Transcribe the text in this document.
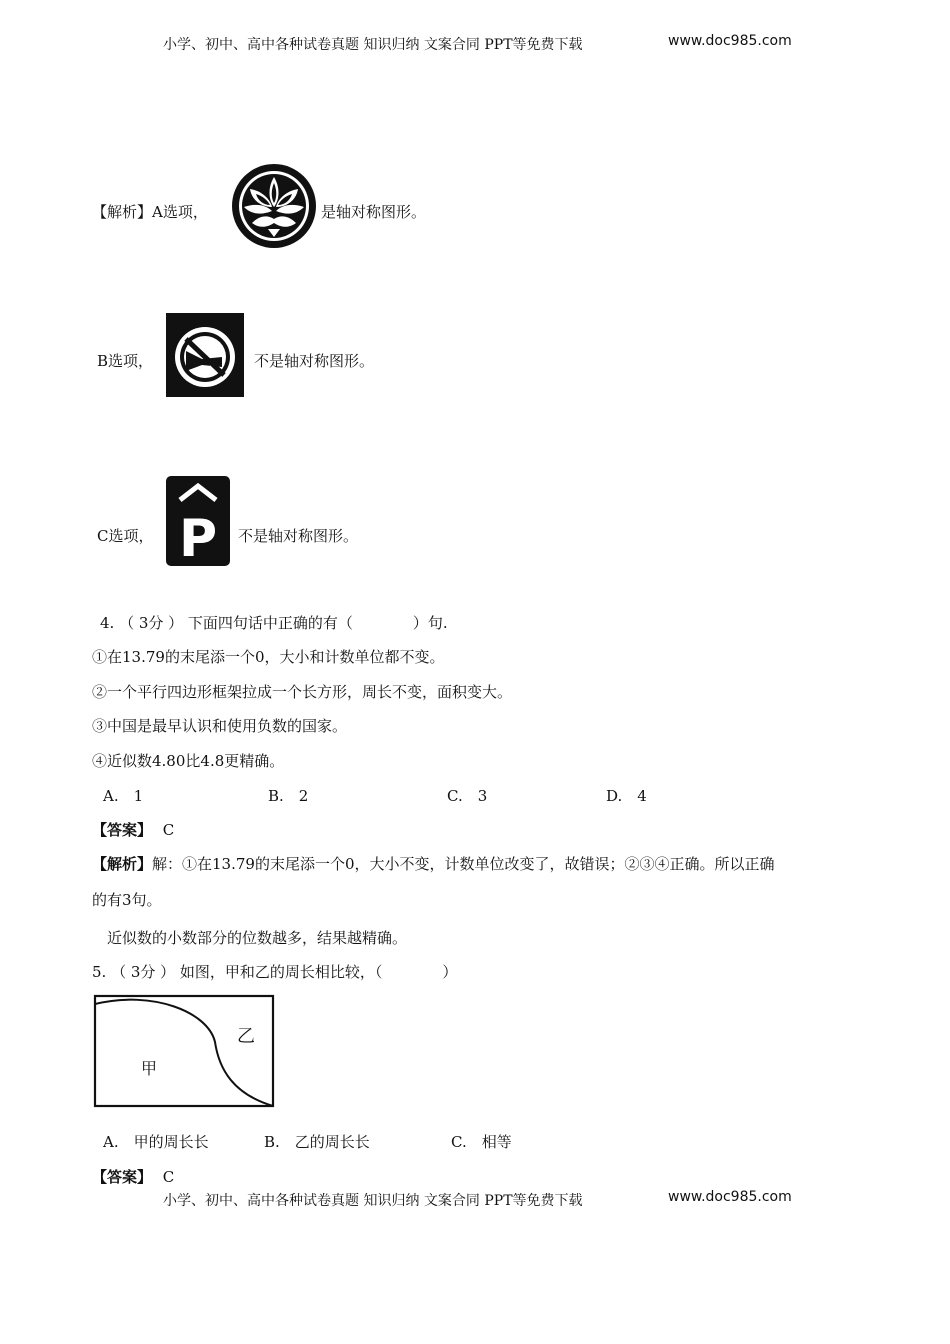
小学、初中、高中各种试卷真题 知识归纳 文案合同 PPT等免费下载	www.doc985.com
【解析】A选项，	是轴对称图形。
B选项，	不是轴对称图形。
C选项， P 不是轴对称图形。
4. （ 3分 ） 下面四句话中正确的有（　　　　）句.
①在13.79的末尾添一个0，大小和计数单位都不变。
②一个平行四边形框架拉成一个长方形，周长不变，面积变大。
③中国是最早认识和使用负数的国家。
④近似数4.80比4.8更精确。
A.　1	B.　2	C.　3	D.　4
【答案】 C
【解析】解：①在13.79的末尾添一个0，大小不变，计数单位改变了，故错误；②③④正确。所以正确
的有3句。
近似数的小数部分的位数越多，结果越精确。
5. （ 3分 ） 如图，甲和乙的周长相比较，（　　　　）
甲
乙
A.　甲的周长长	B.　乙的周长长	C.　相等
【答案】 C
小学、初中、高中各种试卷真题 知识归纳 文案合同 PPT等免费下载	www.doc985.com
